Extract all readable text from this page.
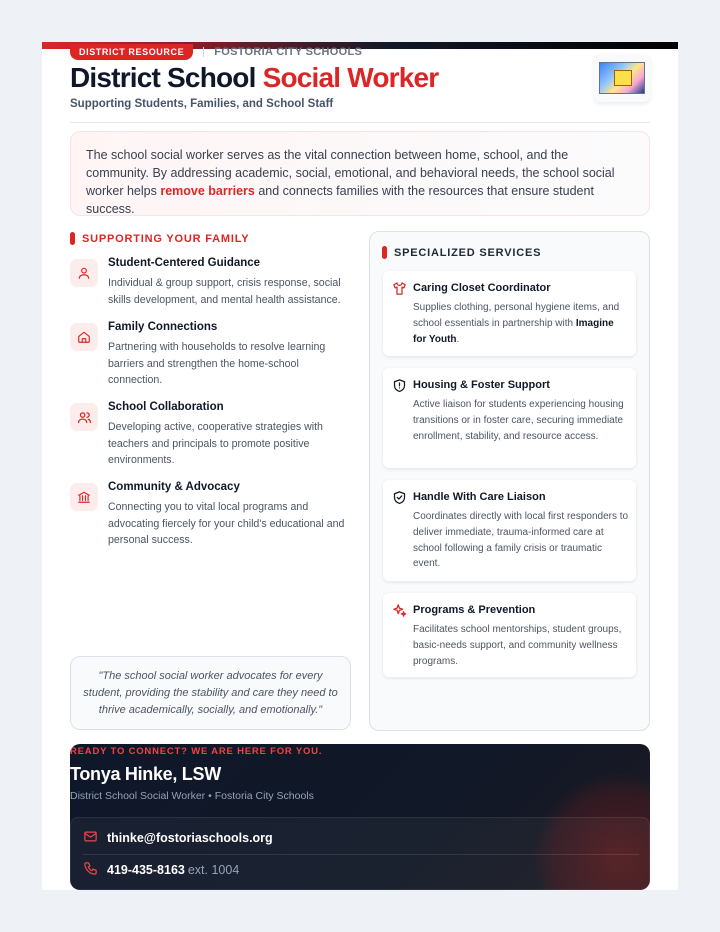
DISTRICT RESOURCE	FOSTORIA CITY SCHOOLS
District School Social Worker
Supporting Students, Families, and School Staff
The school social worker serves as the vital connection between home, school, and the community. By addressing academic, social, emotional, and behavioral needs, the school social worker helps remove barriers and connects families with the resources that ensure student success.
SUPPORTING YOUR FAMILY
Student-Centered Guidance
Individual & group support, crisis response, social skills development, and mental health assistance.
Family Connections
Partnering with households to resolve learning barriers and strengthen the home-school connection.
School Collaboration
Developing active, cooperative strategies with teachers and principals to promote positive environments.
Community & Advocacy
Connecting you to vital local programs and advocating fiercely for your child's educational and personal success.
"The school social worker advocates for every student, providing the stability and care they need to thrive academically, socially, and emotionally."
SPECIALIZED SERVICES
Caring Closet Coordinator
Supplies clothing, personal hygiene items, and school essentials in partnership with Imagine for Youth.
Housing & Foster Support
Active liaison for students experiencing housing transitions or in foster care, securing immediate enrollment, stability, and resource access.
Handle With Care Liaison
Coordinates directly with local first responders to deliver immediate, trauma-informed care at school following a family crisis or traumatic event.
Programs & Prevention
Facilitates school mentorships, student groups, basic-needs support, and community wellness programs.
READY TO CONNECT? WE ARE HERE FOR YOU.
Tonya Hinke, LSW
District School Social Worker • Fostoria City Schools
thinke@fostoriaschools.org
419-435-8163 ext. 1004
